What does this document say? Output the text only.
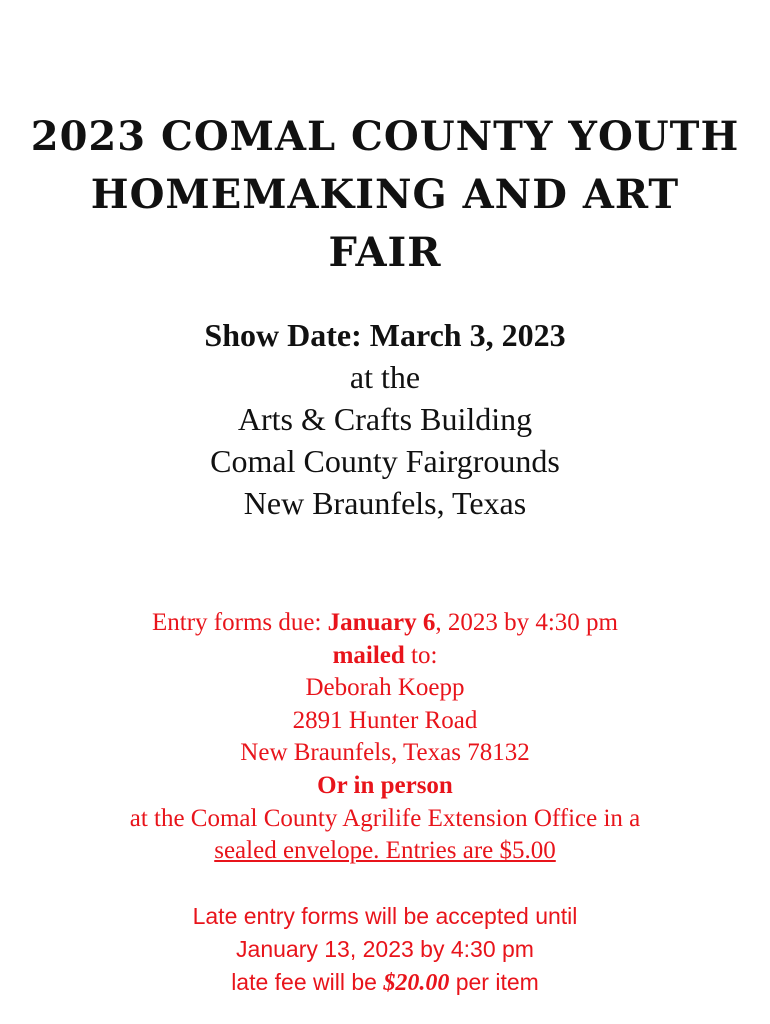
2023 COMAL COUNTY YOUTH
HOMEMAKING AND ART
FAIR
Show Date: March 3, 2023
at the
Arts & Crafts Building
Comal County Fairgrounds
New Braunfels, Texas
Entry forms due: January 6, 2023 by 4:30 pm
mailed to:
Deborah Koepp
2891 Hunter Road
New Braunfels, Texas 78132
Or in person
at the Comal County Agrilife Extension Office in a
sealed envelope. Entries are $5.00
Late entry forms will be accepted until
January 13, 2023 by 4:30 pm
late fee will be $20.00 per item
